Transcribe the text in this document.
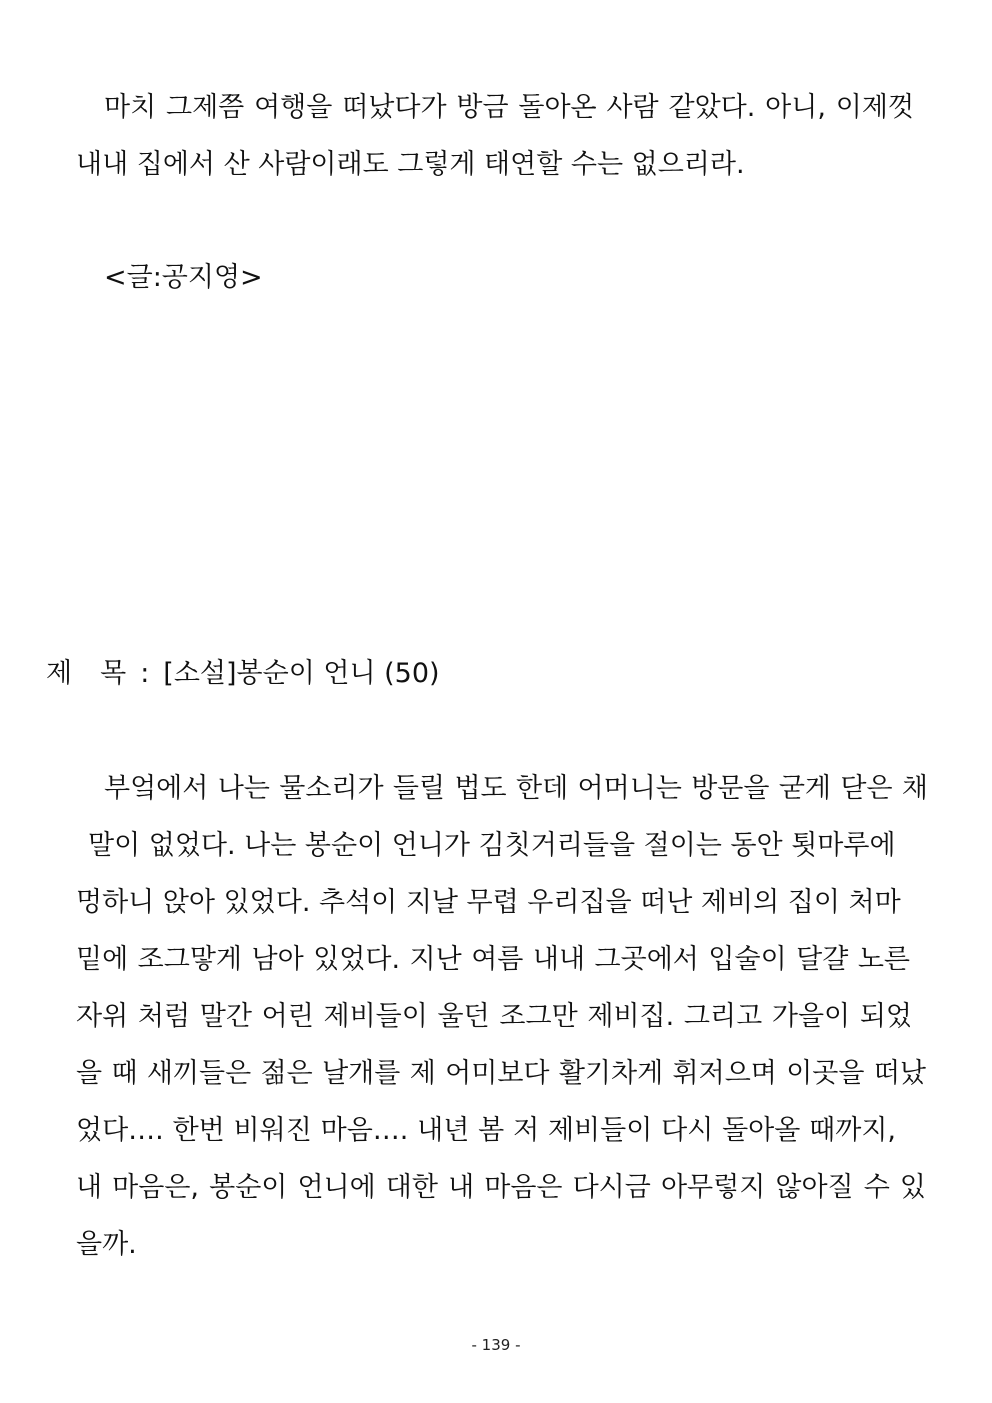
마치 그제쯤 여행을 떠났다가 방금 돌아온 사람 같았다. 아니, 이제껏

내내 집에서 산 사람이래도 그렇게 태연할 수는 없으리라.

<글:공지영>

제 목 : [소설]봉순이 언니 (50)

부엌에서 나는 물소리가 들릴 법도 한데 어머니는 방문을 굳게 닫은 채

말이 없었다. 나는 봉순이 언니가 김칫거리들을 절이는 동안 툇마루에

멍하니 앉아 있었다. 추석이 지날 무렵 우리집을 떠난 제비의 집이 처마

밑에 조그맣게 남아 있었다. 지난 여름 내내 그곳에서 입술이 달걀 노른

자위 처럼 말간 어린 제비들이 울던 조그만 제비집. 그리고 가을이 되었

을 때 새끼들은 젊은 날개를 제 어미보다 활기차게 휘저으며 이곳을 떠났

었다…. 한번 비워진 마음…. 내년 봄 저 제비들이 다시 돌아올 때까지,

내 마음은, 봉순이 언니에 대한 내 마음은 다시금 아무렇지 않아질 수 있

을까.

- 139 -
